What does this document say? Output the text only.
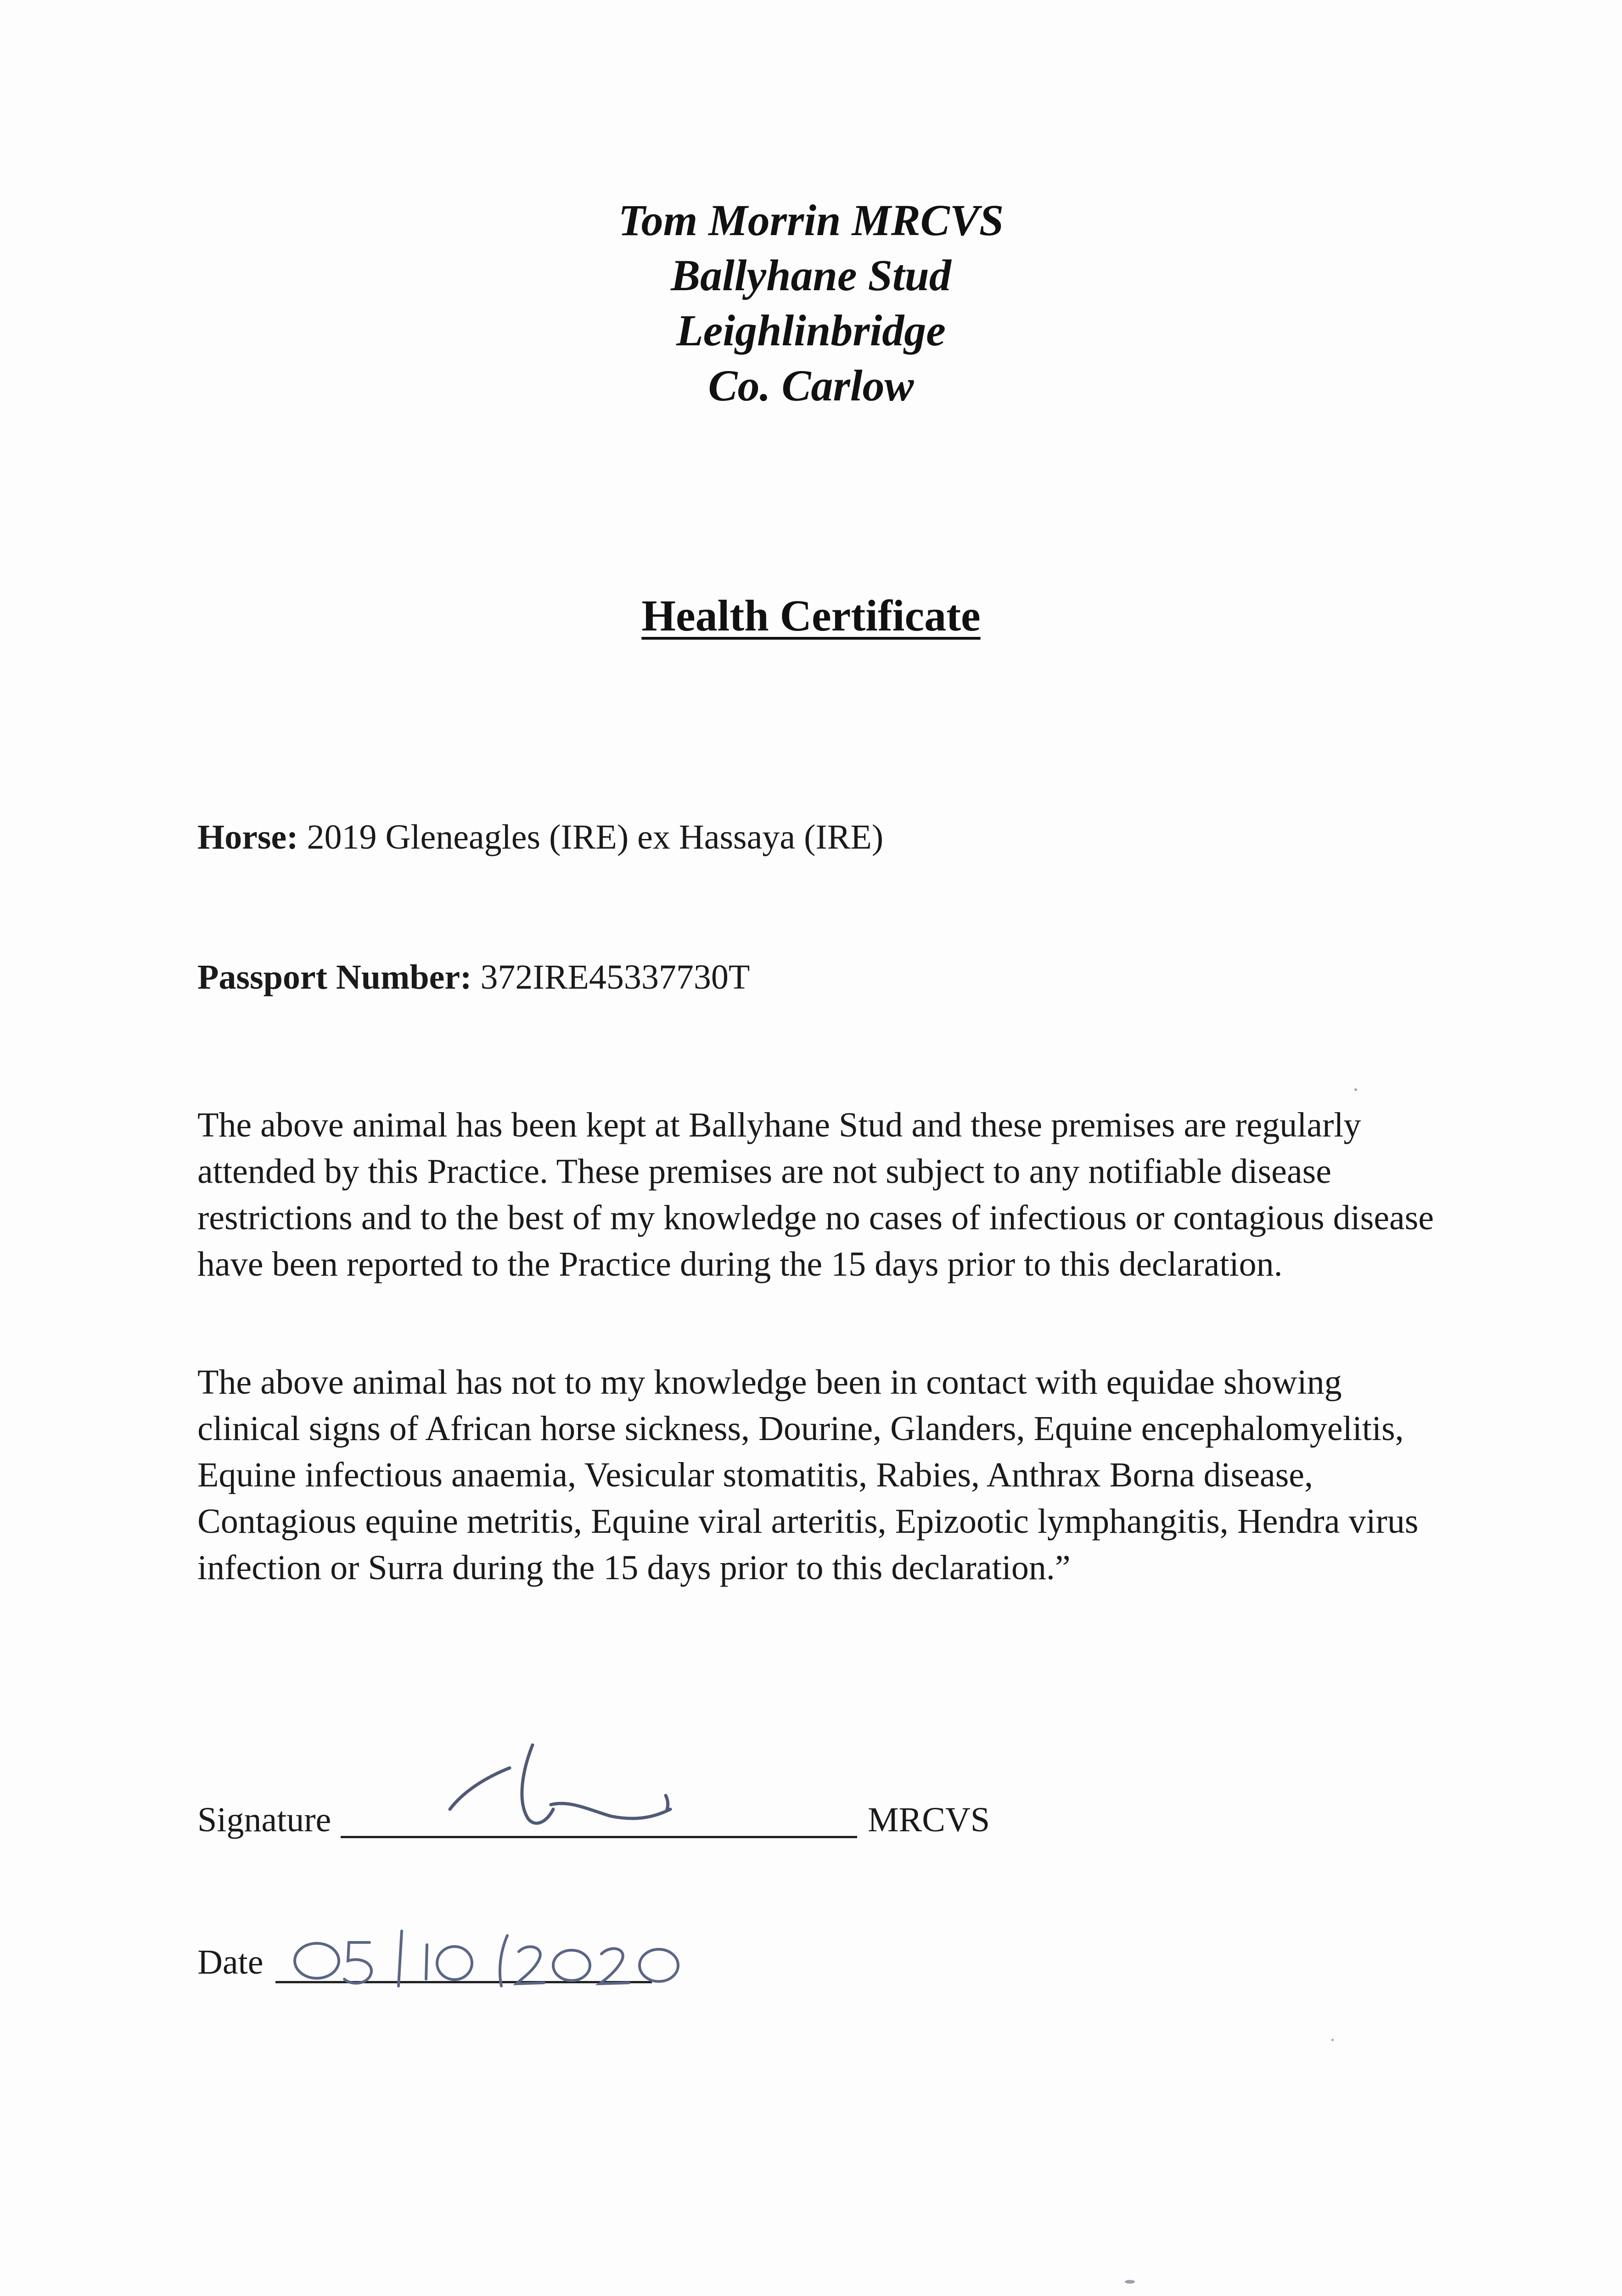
Tom Morrin MRCVS
Ballyhane Stud
Leighlinbridge
Co. Carlow
Health Certificate
Horse: 2019 Gleneagles (IRE) ex Hassaya (IRE)
Passport Number: 372IRE45337730T

The above animal has been kept at Ballyhane Stud and these premises are regularly attended by this Practice. These premises are not subject to any notifiable disease restrictions and to the best of my knowledge no cases of infectious or contagious disease have been reported to the Practice during the 15 days prior to this declaration.

The above animal has not to my knowledge been in contact with equidae showing clinical signs of African horse sickness, Dourine, Glanders, Equine encephalomyelitis, Equine infectious anaemia, Vesicular stomatitis, Rabies, Anthrax Borna disease, Contagious equine metritis, Equine viral arteritis, Epizootic lymphangitis, Hendra virus infection or Surra during the 15 days prior to this declaration.”

Signature	MRCVS
Date
